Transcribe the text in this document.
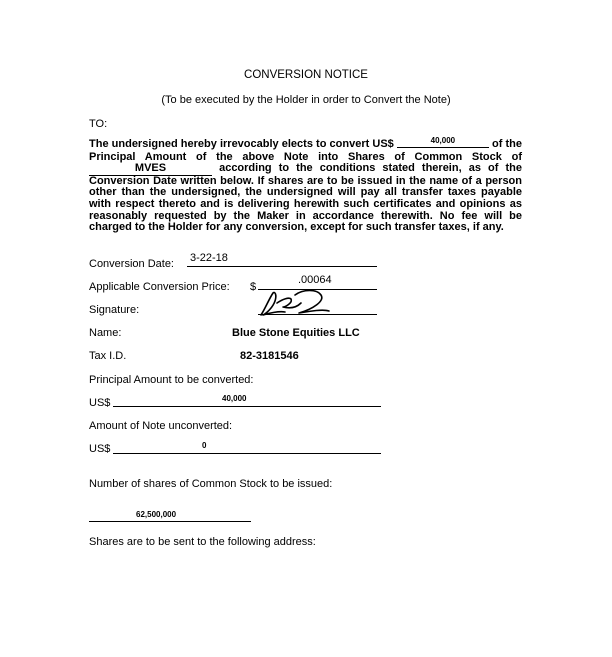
CONVERSION NOTICE
(To be executed by the Holder in order to Convert the Note)
TO:
The undersigned hereby irrevocably elects to convert US$	40,000	of the Principal Amount of the above Note into Shares of Common Stock of MVES	according to the conditions stated therein, as of the Conversion Date written below. If shares are to be issued in the name of a person other than the undersigned, the undersigned will pay all transfer taxes payable with respect thereto and is delivering herewith such certificates and opinions as reasonably requested by the Maker in accordance therewith. No fee will be charged to the Holder for any conversion, except for such transfer taxes, if any.
Conversion Date: 3-22-18
Applicable Conversion Price: $
.00064
Signature:
Name:	Blue Stone Equities LLC
Tax I.D.	82-3181546
Principal Amount to be converted:
US$	40,000
Amount of Note unconverted:
US$	0
Number of shares of Common Stock to be issued:
62,500,000
Shares are to be sent to the following address:
